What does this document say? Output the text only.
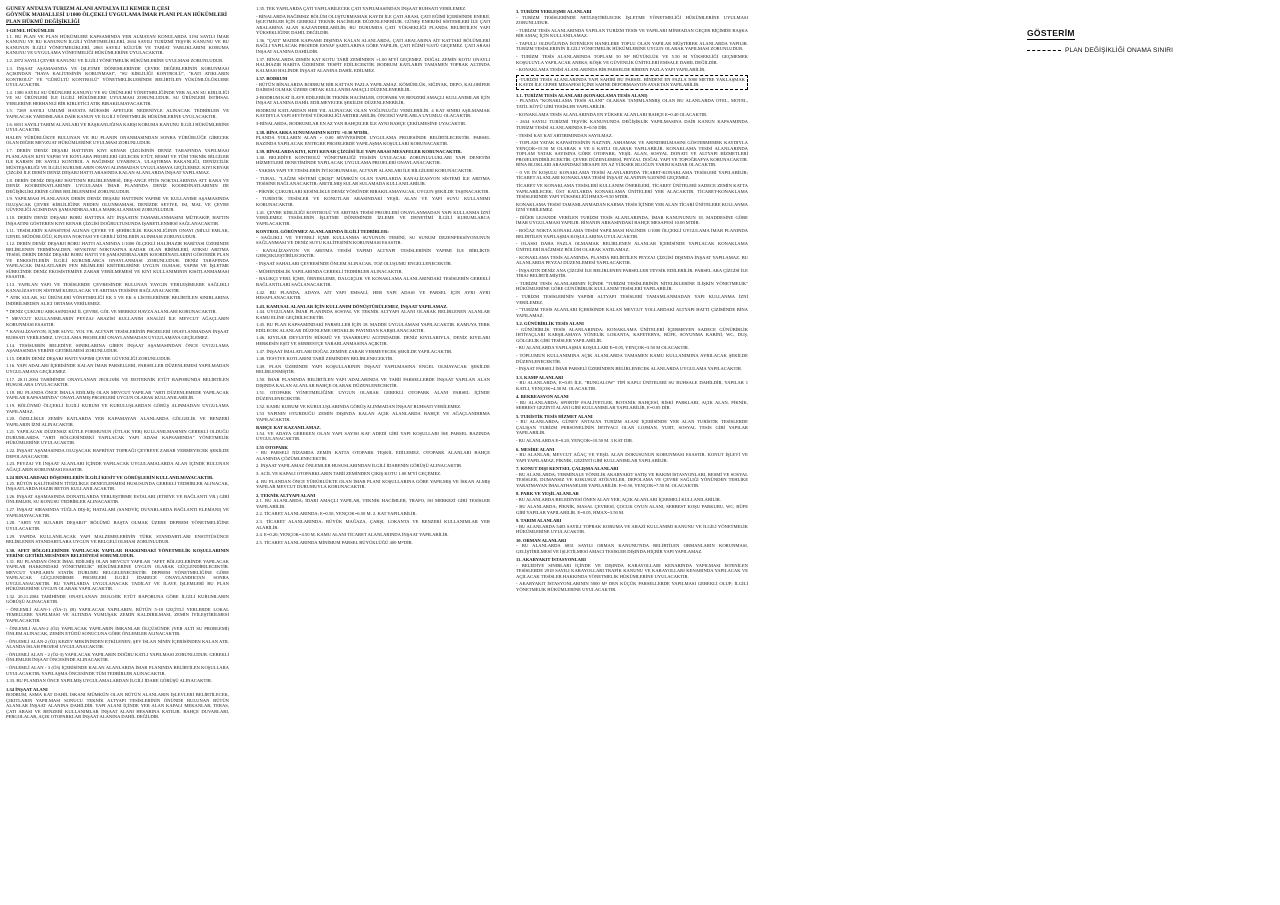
GÜNEY ANTALYA TURİZM ALANI ANTALYA İLİ KEMER İLÇESİ
GÖYNÜK MAHALLESİ 1/1000 ÖLÇEKLİ UYGULAMA İMAR PLANI PLAN HÜKÜMLERİ
PLAN HÜKMÜ DEĞİŞİKLİĞİ
1-GENEL HÜKÜMLER
1.1. BU PLAN VE PLAN HÜKÜMLERİ KAPSAMINDA YER ALMAYAN KONULARDA 3194 SAYILI İMAR KANUNU VE BU KANUNUN İLGİLİ YÖNETMELİKLERİ, 2634 SAYILI TURİZMİ TEŞVİK KANUNU VE BU KANUNUN İLGİLİ YÖNETMELİKLERİ, 2863 SAYILI KÜLTÜR VE TABİAT VARLIKLARINI KORUMA KANUNU VE UYGULAMA YÖNETMELİĞİ HÜKÜMLERİNE UYULACAKTIR.
1.2. 2872 SAYILI ÇEVRE KANUNU VE İLGİLİ YÖNETMELİK HÜKÜMLERİNE UYULMASI ZORUNLUDUR.
1.3. İNŞAAT AŞAMASINDA VE İŞLETME DÖNEMLERİNDE ÇEVRE DEĞERLERİNİN KORUNMASI AÇISINDAN "HAVA KALİTESİNİN KORUNMASI", "SU KİRLİLİĞİ KONTROLÜ", "KATI ATIKLARIN KONTROLÜ" VE "GÜRÜLTÜ KONTROLÜ" YÖNETMELİKLERİNDE BELİRTİLEN YÜKÜMLÜLÜKLERE UYULACAKTIR.
1.4. 1380 SAYILI SU ÜRÜNLERİ KANUNU VE SU ÜRÜNLERİ YÖNETMELİĞİNDE YER ALAN SU KİRLİLİĞİ VE SU ÜRÜNLERİ İLE İLGİLİ HÜKÜMLERE UYULMASI ZORUNLUDUR. SU ÜRÜNLERİ İSTİHSAL YERLERİNE HERHANGİ BİR KİRLETİCİ ATIK BIRAKILMAYACAKTIR.
1.5. 7269 SAYILI UMUMİ HAYATA MÜESSİR AFETLER NEDENİYLE ALINACAK TEDBİRLER VE YAPILACAK YARDIMLARA DAİR KANUN VE İLGİLİ YÖNETMELİK HÜKÜMLERİNE UYULACAKTIR.
1.6. 6831 SAYILI TARIM ALANLARI VE BAŞKANLIĞINA KARŞI KORUMA KANUNU İLGİLİ HÜKÜMLERİNE UYULACAKTIR.
HALEN YÜRÜRLÜKTE BULUNAN VE BU PLANIN ONANMASINDAN SONRA YÜRÜRLÜĞE GİRECEK OLAN DİĞER MEVZUAT HÜKÜMLERİNE UYULMASI ZORUNLUDUR.
1.7. DERİN DENİZ DEŞARJ HATTININ KIYI KENAR ÇİZGİSİNİN DENİZ TARAFINDA YAPILMASI PLANLANAN KIYI YAPISI VE KOYLARA PROJELERİ GELECEK ETÜT, RESMİ VE TÜM TEKNİK BİLGİLER ILE KARSIN DE SAYILI KONTROL A BAĞIMSIZ UYARINCA, ULAŞTIRMA BAKANLIĞI, DENİZCİLİK MÜSTEŞARLIĞI VE İLGİLİ KURUMLARIN ONAYI ALINMADAN UYGULAMAYA GEÇİLEMEZ. KIYI KENAR ÇİZGİSİ İLE DERİN DENİZ DEŞARJ HATTI ARASINDA KALAN ALANLARDA İNŞAAT YAPILAMAZ.
1.8. DERİN DENİZ DEŞARJ HATTININ BELİRLENMESİ, DEŞ-ANGE FİTİS NOKTALARINDA ATT KARA VE DENİZ KOORDİNATLARININ UYGULAMA İMAR PLANINDA DENİZ KOORDİNATLARININ DE DEĞİŞİKLİKLERİNE GÖRE BELİRLENMESİ ZORUNLUDUR.
1.9. YAPILMASI PLANLANAN DERİN DENİZ DEŞARJ HATTININ YAPIMI VE KULLANIMI AŞAMASINDA OLUŞACAK ÇEVRE KİRLİLİĞİNE NEDEN OLUNMAMASI, DENİZDE SEVİYE, ISI, MAL VE ÇEVRE GÜVENLİĞİ ACISINDAN ŞAMANDIRALARLA MARKALANMASI ZORUNLUDUR.
1.10. DERİN DENİZ DEŞARJ BORU HATTINA AİT İNŞAATIN TAMAMLANMASINI MÜTEAKİP, HATTIN İNŞAATINI GÖSTEREN KIYI KENAR ÇİZGİSİ DOĞRULTUSUNDA İŞARETLENMESİ SAĞLANACAKTIR.
1.11. TESİSLERİN KAPASİTESİ ALINAN ÇEVRE VE ŞEHİRCİLİK BAKANLIĞININ ONAYI (MİLLİ EMLAK, GENEL MÜDÜRLÜĞÜ, KINAYA NOKTASI VE GERİLİ İZİNLERİN ALINMASI ZORUNLUDUR.
1.12. DERİN DENİZ DEŞARJI BORU HATTI ALANINDA 1/1000 ÖLÇEKLİ HALİHAZIR HARİTASI ÜZERİNDE BELİRLENEN TERMİNALDEN, SEVKIYAT NOKTASI'NA KADAR OLAN BİRİMLERİ, ATIKSU ARITMA TESİSİ, DERİN DENİZ DEŞARJ BORU HATTI VE ŞAMANDIRALARIN KOORDİNATLARINI GÖSTERİR PLAN VE ENKESİTLERİN İLGİLİ KURUMLARCA ONAYLANMASI ZORUNLUDUR. DENİZ TARAFINDA YAPILACAK İMALATLARIN FEN BİLİMLERİ KRİTERLERİNE UYGUN OLMASI, YAPIM VE İŞLETME SÜRECİNDE DENİZ EKOSİSTEMİNE ZARAR VERİLMEMESİ VE KIYI KULLANIMININ KISITLANMAMASI ESASTIR.
1.13. YAPILAN YAPI VE TESİSLERDE ÇEVRESİNDE BULUNAN YAYGIN YERLEŞİMLERE SAĞLIKLI KANALİZASYON SİSTEMİ KURULACAK VE ARITMA TESİSİNE BAĞLANACAKTIR.
* ATIK SULAR, SU ÜRÜNLERİ YÖNETMELİĞİ EK 5 VE EK 6 LİSTELERİNDE BELİRTİLEN SINIRLARINA İNDİRİLMEDEN ALICI ORTAMA VERİLEMEZ.
* DENİZ ÇUKURU ARKASINDAKİ İL ÇEVRE, GÖL VE MERKEZ HAVZA ALANLARI KORUNACAKTIR.
* MEVCUT KULLANIMLARIN PEYZAJ ARAZİSİ KULLANIM ANALİZİ İLE MEVCUT AĞAÇLARIN KORUNMASI ESASTIR.
* KANALİZASYON, İÇME SUYU, YOL VB. ALTYAPI TESİSLERİNİN PROJELERİ ONAYLANMADAN İNŞAAT RUHSATI VERİLEMEZ. UYGULAMA PROJELERİ ONAYLANMADAN UYGULAMAYA GEÇİLEMEZ.
1.14. TESİSLERİN BELEDİYE SINIRLARINA GİREN İNŞAAT AŞAMASINDAN ÖNCE UYGULAMA AŞAMASINDA YERİNE GETİRİLMESİ ZORUNLUDUR.
1.15. DERİN DENİZ DEŞARJ HATTI YAPIMI ÇEVRE GÜVENLİĞİ ZORUNLUDUR.
1.16. YAPI ADALARI İÇERİSİNDE KALAN İMAR PARSELLERİ, PARSELLER DÜZENLEMESİ YAPILMADAN UYGULAMAYA GEÇİLEMEZ.
1.17. 20.11.2004 TARİHİNDE ONAYLANAN JEOLOJİK VE JEOTEKNİK ETÜT RAPORUNDA BELİRTİLEN HUSUSLARA UYULACAKTIR.
1.18. BU PLANDA ÖNCE İMALA EDİLMİŞ OLAN MEVCUT YAPILAR "ARTI DÜZENLEMEDE YAPILACAK YAPILAR KAPSAMINDA" ONAYLANMIŞ PROJELERİ UYGUN OLARAK KULLANILABİLİR.
1.19. BÖLÜNMÜ ÖLÇEKLİ İLGİLİ KURUM VE KURULUŞLARDAN GÖRÜŞ ALINMADAN UYGULAMA YAPILAMAZ.
1.20. ÖZELLİKLE ZEMİN KATLARDA YER KAPAMAYAN ALANLARDA GÖLGELİK VE BENZERİ YAPILARIN İZNİ ALINACAKTIR.
1.21. YAPILACAK DÜZENSIZ KÜTLE FORMUNUN (ÜTLAK YER) KULLANILMASININ GEREKLİ OLDUĞU DURUMLARDA "ARTI BÖLGESİNDEKİ YAPILACAK YAPI ADASI KAPSAMINDA" YÖNETMELİK HÜKÜMLERİNE UYULACAKTIR.
1.22. İNŞAAT AŞAMASINDA OLUŞACAK HAFRİYAT TOPRAĞI ÇEVREYE ZARAR VERMEYECEK ŞEKİLDE DEPOLANACAKTIR.
1.23. PEYZAJ VE İNŞAAT ALANLARI İÇİNDE YAPILACAK UYGULAMALARDA ALAN İÇİNDE BULUNAN AĞAÇLARIN KORUNMASI ESASTIR.
1.24 BINALARDAKI DÖŞEMELERİN İLGİLİ KESİT VE GÖRÜŞLERİN KULLANILMAYACAKTIR.
1.25. BÜTÜN KALİTESİNİN TİTİZLİKLE DENETLENMESİ HUSUSUNDA GEREKLİ TEDBİRLER ALINACAK, İNŞAATLARDA HAZIR BETON KULLANILACAKTIR.
1.26. İNŞAAT AŞAMASINDA DONATILARDA YERLEŞTİRME ESTALARI (ETRİYE VE BAĞLANTI VB.) GİBİ ÖNLEMLER, SU KONUSU TEDBİRLER ALINACAKTIR.
1.27. İNŞAAT SIRASINDA TÜĞLA DIŞ-İÇ HATALARI (SANDVİÇ DUVARLARDA BAĞLANTI ELEMANI) VE YAPILMAYACAKTIR.
1.28. "ARTI VE SULARIN DEŞARJI" BÖLÜMÜ BAŞTA OLMAK ÜZERE DEPREM YÖNETMELİĞİNE UYULACAKTIR.
1.29. YAPIDA KULLANILACAK YAPI MALZEMELERİNİN TÜRK STANDARTLARI ENSTİTÜSÜNCE BELİRLENEN STANDARTLARA UYGUN VE BELGELİ OLMASI ZORUNLUDUR.
1.30. AFET BÖLGELERİNDE YAPILACAK YAPILAR HAKKINDAKİ YÖNETMELİK KOŞULLARININ YERİNE GETİRİLMESİNDEN BELEDİYESİ SORUMLUDUR.
1.31. BU PLANDAN ÖNCE İMAL EDİLMİŞ OLAN MEVCUT YAPILAR "AFET BÖLGELERİNDE YAPILACAK YAPILAR HAKKINDAKİ YÖNETMELİK" HÜKÜMLERİNE UYGUN OLARAK GÜÇLENDİRİLECEKTİR. MEVCUT YAPILARIN STATİK DURUMU BELGELENECEKTİR. DEPREM YÖNETMELİĞİNE GÖRE YAPILACAK GÜÇLENDİRME PROJELERİ İLGİLİ İDARECE ONAYLANDIKTAN SONRA UYGULANACAKTIR. BU YAPILARDA UYGULANACAK TADİLAT VE İLAVE İŞLEMLERİ BU PLAN HÜKÜMLERİNE UYGUN OLARAK YAPILACAKTIR.
1.32. 20.11.2004 TARİHİNDE ONAYLANAN JEOLOJİK ETÜT RAPORUNA GÖRE İLGİLİ KURUMLARIN GÖRÜŞÜ ALINACAKTIR.
- ÖNLEMLİ ALAN-1 (ÖA-1) (R) YAPILACAK YAPILARIN, BÜTÜN 5-18 GEÇİTLİ YERLERDE LOKAL TEMELLERE YAPILMASI VE ALTINDA YUMUŞAK ZEMİN KALDIRILMASI, ZEMİN İYİLEŞTİRİLMESİ YAPILACAKTIR.
- ÖNLEMLİ ALAN-2 (Ö2) YAPILACAK YAPILARIN İMKANLAR ÖLÇÜSÜNDE (YER ALTI SU PROBLEMİ) ÖNLEM ALINACAK, ZEMİN ETÜDÜ SONUCUNA GÖRE ÖNLEMLER ALINACAKTIR.
- ÖNLEMLİ ALAN-2 (Ö2) KEZEY MEKİNİNDEN ETKİLENEN, ŞEV İSLAN NİNİN İÇERİSİNDEN KALAN ATIL ALANDA İSLAH PROJESİ UYGULANACAKTIR.
- ÖNLEMLİ ALAN - 2 (Ö2-3) YAPILACAK YAPILARIN DOĞRU KATLI YAPILMASI ZORUNLUDUR. GEREKLİ ÖNLEMLER İNŞAAT ÖNCESİNDE ALINACAKTIR.
- ÖNLEMLİ ALAN - 3 (Ö3) İÇERİSİNDE KALAN ALANLARDA İMAR PLANINDA BELİRTİLEN KOŞULLARA UYULACAKTIR; YAPILAŞMA ÖNCESİNDE TÜM TEDBİRLER ALINACAKTIR.
1.33. BU PLANDAN ÖNCE YAPILMIŞ UYGULAMALARDAN İLGİLİ İDARE GÖRÜŞÜ ALINACAKTIR.
1.34 İNŞAAT ALANI
BODRUM, ASMA KAT DAHİL İSKANI MÜMKÜN OLAN BÜTÜN ALANLARIN İŞLEVLERİ BELİRTİLECEK, ÇIKITLARIN YAPILMASI SONUCU TEKNİK ALTYAPI TESİSLERİNİN ÖNÜNDE BULUNAN BÜTÜN ALANLAR İNŞAAT ALANINA DAHİLDİR. YAPI ALANI İÇİNDE YER ALAN KAPALI MEKANLAR, TERAS, ÇATI ARASI VE BENZERİ KULLANIMLAR İNŞAAT ALANI HESABINA KATILIR. BAHÇE DUVARLARI, PERGOLALAR, AÇIK OTOPARKLAR İNŞAAT ALANINA DAHİL DEĞİLDİR.
1.35. TEK YAPILARDA ÇATI YAPILABİLECEK ÇATI YAPILMASINDAN İNŞAAT RUHSATI VERİLEMEZ.
- BİNALARDA BAĞIMSIZ BÖLÜM OLUŞTURMAMAK KAYDI İLE ÇATI ARASI, ÇATI EĞİMİ İÇERİSİNDE ENERJİ, İŞLETMELER İÇİN GEREKLİ TEKNİK HACİMLER DÜZENLENEBİLİR. GÜNEŞ ENERJİSİ SİSTEMLERİ İLE ÇATI ARALARINA ALAN KAZANDIRILABİLİR; BU DURUMDA ÇATI YÜKSEKLİĞİ PLANDA BELİRTİLEN YAPI YÜKSEKLİĞİNE DAHİL DEĞİLDİR.
1.36. "ÇATI" MADDE KAPSAMI DIŞINDA KALAN ALANLARDA, ÇATI ARALARINA AİT KATTAKİ BÖLÜMLERİ BAĞLI YAPILACAK PROJEDE ESNAF ŞARTLARINA GÖRE YAPILIR, ÇATI EĞİMİ %33'Ü GEÇEMEZ. ÇATI ARASI İNŞAAT ALANINA DAHİLDİR.
1.37. BİNALARDA ZEMİN KAT KOTU TABİİ ZEMİNDEN +1.00 M'Yİ GEÇEMEZ. DOĞAL ZEMİN KOTU ONAYLI HALİHAZIR HARİTA ÜZERİNDE TESPİT EDİLECEKTİR. BODRUM KATLARIN TAMAMEN TOPRAK ALTINDA KALMASI HALİNDE İNŞAAT ALANINA DAHİL EDİLMEZ.
1.37. BODRUM
- BÜTÜN BİNALARDA BODRUM BİR KATTAN FAZLA YAPILAMAZ. KÖMÜRLÜK, SIĞINAK, DEPO, KALORİFER DAİRESİ OLMAK ÜZERE ORTAK KULLANIM AMAÇLI DÜZENLENEBİLİR.
2-BODRUM KAT İLAVE EDİLEBİLİR TEKNİK HACİMLER, OTOPARK VE BENZERİ AMAÇLI KULLANIMLAR İÇİN İNŞAAT ALANINA DAHİL EDİLMEYECEK ŞEKİLDE DÜZENLENEBİLİR.
BODRUM KATLARDAN HER YIL ALINACAK OLAN YOĞUNLUĞU VERİLEBİLİR. 4 KAT SINIRI AŞILMAMAK KAYDIYLA YAPI SEVİYESİ YÜKSEKLİĞİ ARTIRILABİLİR; ÖNCEKİ YAPILARLA UYUMLU OLACAKTIR.
3-BİNALARDA, BODRUMLAR EN AZ YAN BAHÇELER İLE AYNI BAHÇE ÇEKİLMESİNE UYACAKTIR.
1.38. BİNA ARKA SUNUMASININ KOTU +0.30 M'DİR.
PLANDA YOLLARIN ALAN + 0.00 SEVİYESİNDE UYGULAMA PROJESİNDE BELİRTİLECEKTİR. PARSEL BAZINDA YAPILACAK ENTEGRE PROJELERDE YAPILAŞMA KOŞULLARI KORUNACAKTIR.
1.39. BİNALARDA KIYI, KIYI KENAR ÇİZGİSİ İLE YAPI ARASI MESAFELER KORUNACAKTIR.
1.40. BELEDİYE KONTROLÜ YÖNETMELİĞİ TESİSİN UYULACAK ZORUNLULUKLARI YAPI DENETİM HİZMETLERİ DENETİMİNDE YAPILACAK UYGULAMA PROJELERİ ONAYLANACAKTIR.
- YAKMA YAPI VE TESİSLERİN İYİ KORUNMASI, ALTYAPI ALANLARI İLE BİLGİLERİ KORUNACAKTIR.
- TURAL, "LAĞIM SİSTEMİ ÇIKIŞI" MÜMKÜN OLAN YAPILARDA KANALİZASYON SİSTEMİ İLE ARITMA TESİSİNE BAĞLANACAKTIR; ARITILMIŞ SULAR SULAMADA KULLANILABİLİR.
- PİKNİK ÇUKURLARI KESİNLİKLE DENİZ YÖNÜNDE BIRAKILAMAYACAK, UYGUN ŞEKİLDE TAŞINACAKTIR.
- TURİSTİK TESİSLER VE KONUTLAR ARASINDAKİ YEŞİL ALAN VE YAPI SUYU KULLANIMI KORUNACAKTIR.
1.41. ÇEVRE KİRLİLİĞİ KONTROLÜ VE ARITMA TESİSİ PROJELERİ ONAYLANMADAN YAPI KULLANMA İZNİ VERİLEMEZ. TESİSLERİN İŞLETME DÖNEMİNDE İZLEME VE DENETİMİ İLGİLİ KURUMLARCA YAPILACAKTIR.
KONTROL GÖRÜNMEZ ALANLARINDA İLGİLİ TEDBİRLER:
- SAĞLIKLI VE YETERLİ İÇME KULLANMA SUYUNUN TEMİNİ, SU SUNUM DEZENFEKSİYONUNUN SAĞLANMASI VE DENİZ SUYU KALİTESİNİN KORUNMASI ESASTIR.
- KANALİZASYON VE ARITMA TESİSİ YAPIMI ALTYAPI TESİSLERİNİN YAPIMI İLE BİRLİKTE GERÇEKLEŞTİRİLECEKTİR.
- İNŞAAT SAHALARI ÇEVRESİNDE ÖNLEM ALINACAK, TOZ OLUŞUMU ENGELLENECEKTİR.
- MÜHENDİSLİK YAPILARINDA GEREKLİ TEDBİRLER ALINACAKTIR.
- BALIKÇI YERİ, İÇME, ÖRNEKLEME, DALGIÇLIK VE KONAKLAMA ALANLARINDAKİ TESİSLERİN GEREKLİ BAĞLANTILARI SAĞLANACAKTIR.
1.42. BU PLANDA, ADAYA AİT YAPI EMSALİ, HER YAPI ADASI VE PARSEL İÇİN AYRI AYRI HESAPLANACAKTIR.
1.43. KAMUSAL ALANLAR İÇİN KULLANIM DÖNÜŞTÜRÜLEMEZ, İNŞAAT YAPILAMAZ.
1.44. UYGULAMA İMAR PLANINDA SOSYAL VE TEKNİK ALTYAPI ALANI OLARAK BELİRLENEN ALANLAR KAMU ELİNE GEÇİRİLECEKTİR.
1.45. BU PLAN KAPSAMINDAKİ PARSELLER İÇİN 18. MADDE UYGULAMASI YAPILACAKTIR. KAMUYA TERK EDİLECEK ALANLAR DÜZENLEME ORTAKLIK PAYINDAN KARŞILANACAKTIR.
1.46. KIYILAR DEVLETİN HÜKMÜ VE TASARRUFU ALTINDADIR. DENİZ KIYILARIYLA, DENİZ KIYILARI HERKESİN EŞİT VE SERBESTÇE YARARLANMASINA AÇIKTIR.
1.47. İNŞAAT İMALATLARI DOĞAL ZEMİNE ZARAR VERMEYECEK ŞEKİLDE YAPILACAKTIR.
1.48. TESVİYE KOTLARINI TABİİ ZEMİNDEN BELİRLENECEKTİR.
1.49. PLAN ÜZERİNDE YAPI KOŞULLARININ İNŞAAT YAPILMASINA ENGEL OLMAYACAK ŞEKİLDE BELİRLENMİŞTİR.
1.50. İMAR PLANINDA BELİRTİLEN YAPI ADALARINDA VE TABİİ PARSELLERDE İNŞAAT YAPILAN ALAN DIŞINDA KALAN ALANLAR BAHÇE OLARAK DÜZENLENECEKTİR.
1.51. OTOPARK YÖNETMELİĞİNE UYGUN OLARAK GEREKLİ OTOPARK ALANI PARSEL İÇİNDE DÜZENLENECEKTİR.
1.52. KAMU KURUM VE KURULUŞLARINDA GÖRÜŞ ALINMADAN İNŞAAT RUHSATI VERİLEMEZ.
1.53 YAPININ OTURDUĞU ZEMİN DIŞINDA KALAN AÇIK ALANLARDA BAHÇE VE AĞAÇLANDIRMA YAPILACAKTIR.
BAHÇE KAT KAZANILAMAZ.
1.54. VE ADAYA GEREKEN OLAN YAPI SAYISI KAT ADEDİ GİBİ YAPI KOŞULLARI İSE PARSEL BAZINDA UYGULANACAKTIR.
1.55 OTOPARK
- BU PARSELİ NİZAMDA ZEMİN KATTA OTOPARK TEŞKİL EDİLEMEZ. OTOPARK ALANLARI BAHÇE ALANINDA ÇÖZÜMLENECEKTİR.
2. İNŞAAT YAPILAMAZ ÖNLEMLER HUSUSLARINDAN İLGİLİ İDARENİN GÖRÜŞÜ ALINACAKTIR.
3. ACİL VE KAPALI OTOPARKLARIN TABİİ ZEMİNDEN ÇIKIŞ KOTU 1.00 M'Yİ GEÇEMEZ.
4. BU PLANDAN ÖNCE YÜRÜRLÜKTE OLAN İMAR PLANI KOŞULLARINA GÖRE YAPILMIŞ VE İSKAN ALMIŞ YAPILAR MEVCUT DURUMUYLA KORUNACAKTIR.
2. TEKNİK ALTYAPI ALANI
2.1. BU ALANLARDA; İDARİ AMAÇLI YAPILAR, TEKNİK HACİMLER, TRAFO, ISI MERKEZİ GİBİ TESİSLER YAPILABİLİR.
2.2. TİCARET ALANLARINDA; E=0.50, YENÇOK=6.50 M. 2. KAT YAPILABİLİR.
2.3. TİCARET ALANLARINDA; BÜYÜK MAĞAZA, ÇARŞI, LOKANTA VE BENZERİ KULLANIMLAR YER ALABİLİR.
2.4. E=0.20; YENÇOK=4.50 M. KAMU ALANI TİCARET ALANLARINDA İNŞAAT YAPILABİLİR.
2.5. TİCARET ALANLARINDA MİNİMUM PARSEL BÜYÜKLÜĞÜ 400 M²'DİR.
3. TURİZM YERLEŞME ALANLARI
- TURİZM TESİSLERİNDE NETLEŞTİRİLECEK İŞLETME YÖNETMELİĞİ HÜKÜMLERİNE UYULMASI ZORUNLUDUR.
- TURİZM TESİS ALANLARINDA YAPILAN TURİZM TESİS VE YAPILARI MİNHADAN GEÇER BİÇİMDE BAŞKA BİR AMAÇ İÇİN KULLANILAMAZ.
- TAPULU OLDUĞUNDA İSTENİLEN HANELERE TOPLU OLAN YAPILAR MÜŞTEREK ALANLARDA YAPILIR. TURİZM TESİSLERİNİN İLGİLİ YÖNETMELİK HÜKÜMLERİNE UYGUN OLARAK YAPILMASI ZORUNLUDUR.
- TURİZM TESİS ALANLARINDA TOPLAM 50 M² BÜYÜKLÜK VE 5.50 M YÜKSEKLİĞİ GEÇMEMEK KOŞULUYLA YAPILACAK ANEKS, KÖŞK VE GÜVENLİK ÜNİTELERİ EMSALE DAHİL DEĞİLDİR.
- KONAKLAMA TESİSİ ALANLARINDA BİR PARSELDE BİRDEN FAZLA YAPI YAPILABİLİR.
-TURİZM TESİS ALANLARINDA YAPI SAHİBİ BU PARSEL HİNDENİ EN FAZLA 5000 METRE YAKLAŞMAK KAYDI İLE CEPHE MESAFESİ İÇİNE SAHNE DEFORMASYON AYAKTAN YAPILABİLİR.
3.1. TURİZM TESİS ALANLARI (KONAKLAMA TESİS ALANI)
- PLANDA "KONAKLAMA TESİS ALANI" OLARAK TANIMLANMIŞ OLAN BU ALANLARDA OTEL, MOTEL, TATİL KÖYÜ GİBİ TESİSLER YAPILABİLİR.
- KONAKLAMA TESİS ALANLARINDA EN YÜKSEK ALANLARI BAHÇE E=0.40 OLACAKTIR.
- 2634 SAYILI TURİZMİ TEŞVİK KANUNUNDA DEĞİŞİKLİK YAPILMASINA DAİR KANUN KAPSAMINDA TURİZM TESİSİ ALANLARINDA E=0.50 DİR.
- TESİSİ KAT KAT ARTIRIMINDAN SAYILMAZ.
- TOPLAM YATAK KAPASİTESİNİN NAZ'NIN, ASHAMAK VE ARINDIRILMASINI GÖSTERMEMEK KAYDIYLA YENÇOK=15.50 M OLARAK 6 VE 6 KATLI OLARAK YAPILABİLİR. KONAKLAMA TESİSİ ALANLARINDA TOPLAM YATAK SAYISINA GÖRE OTOPARK, YEŞİL ALAN, SOSYAL DONATI VE ALTYAPI HİZMETLERİ PROJELENDİRİLECEKTİR. ÇEVRE DÜZENLEMESİ, PEYZAJ, DOĞAL YAPI VE TOPOĞRAFYA KORUNACAKTIR. BİNA BLOKLARI ARASINDAKİ MESAFE EN AZ YÜKSEK BLOĞUN YARISI KADAR OLACAKTIR.
- 0 VE İN KOŞULU KONAKLAMA TESİSİ ALANLARINDA TİCARET-KONAKLAMA TESİSLERİ YAPILABİLİR; TİCARET ALANLARI KONAKLAMA TESİSİ İNŞAAT ALANININ %20'SİNİ GEÇEMEZ.
TİCARET VE KONAKLAMA TESİSLERİ KULLANIM ÖNERİLERİ, TİCARET ÜNİTELERİ SADECE ZEMİN KATTA YAPILABİLECEK, ÜST KATLARDA KONAKLAMA ÜNİTELERİ YER ALACAKTIR. TİCARET-KONAKLAMA TESİSLERİNDE YAPI YÜKSEKLİĞİ HMAX=9.50 M'DİR.
KONAKLAMA TESİSİ TAMAMLANMADAN KARMA TESİS İÇİNDE YER ALAN TİCARİ ÜNİTELERE KULLANMA İZNİ VERİLEMEZ.
- DİĞER LEJANDE VERİLEN TURİZM TESİS ALANLARINDA, İMAR KANUNUNUN 18. MADDESİNE GÖRE İMAR UYGULAMASI YAPILIR. BİNANIN ARKASINDAKİ BAHÇE MESAFESİ 10.00 M'DİR.
- BOĞAZ NOKTA KONAKLAMA TESİSİ YAPILMASI HALİNDE 1/1000 ÖLÇEKLİ UYGULAMA İMAR PLANINDA BELİRTİLEN YAPILAŞMA KOŞULLARINA UYULACAKTIR.
- OLASSI DAHA FAZLA OLMAMAK BELİRLENEN ALANLAR İÇERİSİNDE YAPILACAK KONAKLAMA ÜNİTELERİ BAĞIMSIZ BÖLÜM OLARAK SATILAMAZ.
- KONAKLAMA TESİS ALANINDA, PLANDA BELİRTİLEN PEYZAJ ÇİZGİSİ DIŞINDA İNŞAAT YAPILAMAZ. BU ALANLARDA PEYZAJ DÜZENLEMESİ YAPILACAKTIR.
- İNŞAATIN DENİZ ANA ÇİZGİSİ İLE BELİRLENEN PARSELLER TEVSİK EDİLEBİLİR. PARSEL ARA ÇİZGİSİ İLE TİRAJ BELİRTİLMİŞTİR.
- TURİZM TESİS ALANLARININ İÇİNDE "TURİZM TESİSLERİNİN NİTELİKLERİNE İLİŞKİN YÖNETMELİK" HÜKÜMLERİNE GÖRE GÜNÜBİRLİK KULLANIM TESİSLERİ YAPILABİLİR.
- TURİZM TESİSLERİNİN YAPIMI ALTYAPI TESİSLERİ TAMAMLANMADAN YAPI KULLANMA İZNİ VERİLEMEZ.
- "TURİZM TESİS ALANLARI İÇERİSİNDE KALAN MEVCUT YOLLARDAKİ ALTYAPI HATTI ÇİZİMİNDE BİNA YAPILAMAZ.
3.2. GÜNÜBİRLİK TESİS ALANI
- GÜNÜBİRLİK TESİS ALANLARINDA; KONAKLAMA ÜNİTELERİ İÇERMEYEN SADECE GÜNÜBİRLİK İHTİYAÇLARI KARŞILAMAYA YÖNELİK LOKANTA, KAFETERYA, BÜFE, SOYUNMA KABİNİ, WC, DUŞ, GÖLGELİK GİBİ TESİSLER YAPILABİLİR.
- BU ALANLARDA YAPILAŞMA KOŞULLARI E=0.05, YENÇOK=3.50 M OLACAKTIR.
- TOPLUMUN KULLANIMINA AÇIK ALANLARDA TAMAMEN KAMU KULLANIMINA AYRILACAK ŞEKİLDE DÜZENLENECEKTİR.
- İNŞAAT PARSELİ İMAR PARSELİ ÜZERİNDEN BELİRLENECEK ALANLARDA UYGULAMA YAPILACAKTIR.
3.3. KAMP ALANLARI
- BU ALANLARDA, E=0.05 İLE, "BUNGALOW" TİPİ KAPLI ÜNİTELERİ SU RUHSALE DAHİLDİR, YAPILAR 1 KATLI, YENÇOK=4.50 M. OLACAKTIR.
4. REKREASYON ALANI
- BU ALANLARDA; SPORTİF FAALİYETLER, BOTANİK BAHÇESİ, RİSKİ PARKLARI, AÇIK ALAN, PİKNİK, SERBEST GEZİNTİ ALANI GİBİ KULLANIMLAR YAPILABİLİR, E=0.05 DİR.
5. TURİSTİK TESİS HİZMET ALANI
- BU ALANLARDA; GÜNEY ANTALYA TURİZM ALANI İÇERİSİNDE YER ALAN TURİSTİK TESİSLERDE ÇALIŞAN TURİZM PERSONELİNİN İHTİYACI OLAN LOJMAN, YURT, SOSYAL TESİS GİBİ YAPILAR YAPILABİLİR.
- BU ALANLARDA E=0.20, YENÇOK=10.50 M. 3 KAT DIR.
6. MESİRE ALANI
- BU ALANLAR; MEVCUT AĞAÇ VE YEŞİL ALAN DOKUSUNUN KORUNMASI ESASTIR. KONUT İŞLEVİ VE YAPI YAPILAMAZ, PİKNİK, GEZİNTİ GİBİ KULLANIMLAR YAPILABİLİR.
7. KONUT DIŞI KENTSEL ÇALIŞMA ALANLARI
- BU ALANLARDA; TERMİNALE YÖNELİK AKARYAKIT SATIŞ VE BAKIM İSTASYONLARI, RESMİ VE SOSYAL TESİSLER, DUMANSIZ VE KOKUSUZ ATÖLYELER, DEPOLAMA VE ÇEVRE SAĞLIĞI YÖNÜNDEN TEHLİKE YARATMAYAN İMALATHANELER YAPILABİLİR. E=0.50, YENÇOK=7.50 M. OLACAKTIR.
8. PARK VE YEŞİL ALANLAR
- BU ALANLARDA BELEDİYESİ ÖNEN ALAN YER, AÇIK ALANLARI İÇERMELİ KULLANILABİLİR.
- BU ALANLARDA; PİKNİK, MASAL ÇEVRESİ, ÇOCUK OYUN ALANI, SERBEST KOŞU PARKURU, WC, BÜFE GİBİ YAPILAR YAPILABİLİR. E=0.05, HMAX=3.50 M.
9. TARIM ALANLARI
- BU ALANLARDA 5403 SAYILI TOPRAK KORUMA VE ARAZİ KULLANIMI KANUNU VE İLGİLİ YÖNETMELİK HÜKÜMLERİNE UYULACAKTIR.
10. ORMAN ALANLARI
- BU ALANLARDA 6831 SAYILI ORMAN KANUNU'NDA BELİRTİLEN ORMANLARIN KORUNMASI, GELİŞTİRİLMESİ VE İŞLETİLMESİ AMACI TESİSLER DIŞINDA HİÇBİR YAPI YAPILAMAZ.
11. AKARYAKIT İSTASYONLARI
- BELEDİYE SINIRLARI İÇİNDE VE DIŞINDA KARAYOLLARI KENARINDA YAPILMASI İSTENİLEN TESİSLERDE 2918 SAYILI KARAYOLLARI TRAFİK KANUNU VE KARAYOLLARI KENARINDA YAPILACAK VE AÇILACAK TESİSLER HAKKINDA YÖNETMELİK HÜKÜMLERİNE UYULACAKTIR.
- AKARYAKIT İSTASYONLARININ 5000 M² DEN KÜÇÜK PARSELLERDE YAPILMASI GEREKLİ OLUP; İLGİLİ YÖNETMELİK HÜKÜMLERİNE UYULACAKTIR.
GÖSTERİM
PLAN DEĞİŞİKLİĞİ ONAMA SINIRI
